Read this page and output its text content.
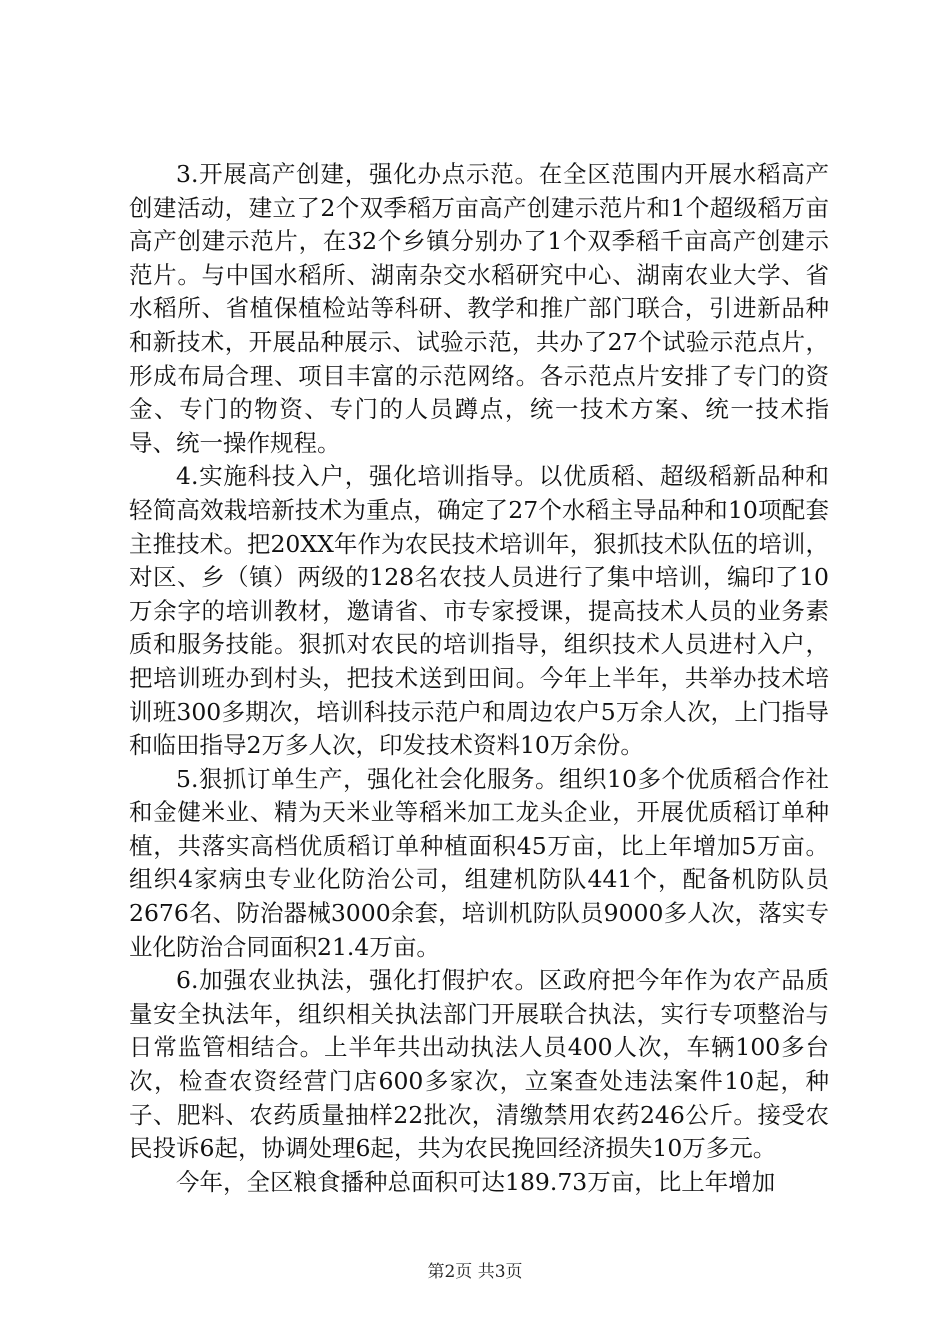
3.开展高产创建，强化办点示范。在全区范围内开展水稻高产创建活动，建立了2个双季稻万亩高产创建示范片和1个超级稻万亩高产创建示范片，在32个乡镇分别办了1个双季稻千亩高产创建示范片。与中国水稻所、湖南杂交水稻研究中心、湖南农业大学、省水稻所、省植保植检站等科研、教学和推广部门联合，引进新品种和新技术，开展品种展示、试验示范，共办了27个试验示范点片，形成布局合理、项目丰富的示范网络。各示范点片安排了专门的资金、专门的物资、专门的人员蹲点，统一技术方案、统一技术指导、统一操作规程。

4.实施科技入户，强化培训指导。以优质稻、超级稻新品种和轻简高效栽培新技术为重点，确定了27个水稻主导品种和10项配套主推技术。把20XX年作为农民技术培训年，狠抓技术队伍的培训，对区、乡（镇）两级的128名农技人员进行了集中培训，编印了10万余字的培训教材，邀请省、市专家授课，提高技术人员的业务素质和服务技能。狠抓对农民的培训指导，组织技术人员进村入户，把培训班办到村头，把技术送到田间。今年上半年，共举办技术培训班300多期次，培训科技示范户和周边农户5万余人次，上门指导和临田指导2万多人次，印发技术资料10万余份。

5.狠抓订单生产，强化社会化服务。组织10多个优质稻合作社和金健米业、精为天米业等稻米加工龙头企业，开展优质稻订单种植，共落实高档优质稻订单种植面积45万亩，比上年增加5万亩。组织4家病虫专业化防治公司，组建机防队441个，配备机防队员2676名、防治器械3000余套，培训机防队员9000多人次，落实专业化防治合同面积21.4万亩。

6.加强农业执法，强化打假护农。区政府把今年作为农产品质量安全执法年，组织相关执法部门开展联合执法，实行专项整治与日常监管相结合。上半年共出动执法人员400人次，车辆100多台次，检查农资经营门店600多家次，立案查处违法案件10起，种子、肥料、农药质量抽样22批次，清缴禁用农药246公斤。接受农民投诉6起，协调处理6起，共为农民挽回经济损失10万多元。

今年，全区粮食播种总面积可达189.73万亩，比上年增加

第2页 共3页
